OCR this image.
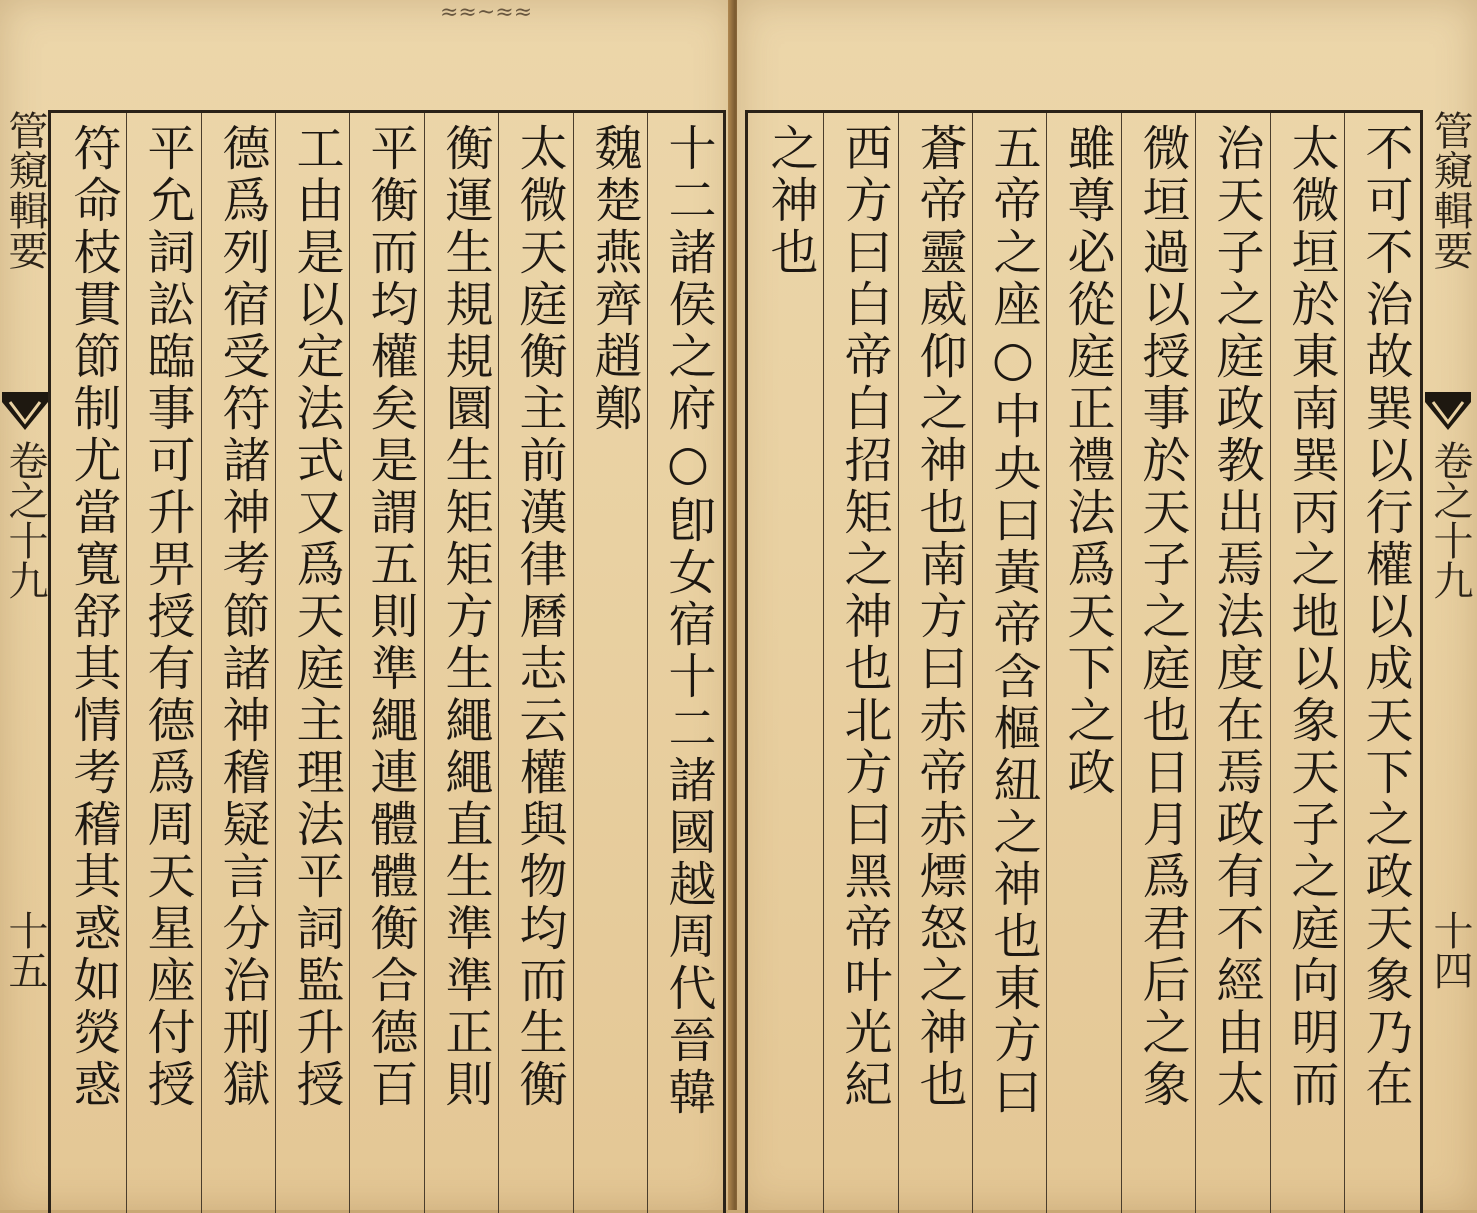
≈≈~≈≈
管窺輯要
卷之十九
十五	十二諸侯之府○卽女宿十二諸國越周代晉韓
魏楚燕齊趙鄭
太微天庭衡主前漢律曆志云權與物均而生衡
衡運生規規圜生矩矩方生繩繩直生準準正則
平衡而均權矣是謂五則準繩連體體衡合德百
工由是以定法式又爲天庭主理法平詞監升授
德爲列宿受符諸神考節諸神稽疑言分治刑獄
平允詞訟臨事可升畀授有德爲周天星座付授
符命枝貫節制尤當寬舒其情考稽其惑如熒惑	不可不治故巽以行權以成天下之政天象乃在
太微垣於東南巽丙之地以象天子之庭向明而
治天子之庭政教出焉法度在焉政有不經由太
微垣過以授事於天子之庭也日月爲君后之象
雖尊必從庭正禮法爲天下之政
五帝之座○中央曰黃帝含樞紐之神也東方曰
蒼帝靈威仰之神也南方曰赤帝赤熛怒之神也
西方曰白帝白招矩之神也北方曰黑帝叶光紀
之神也	管窺輯要
卷之十九
十四
